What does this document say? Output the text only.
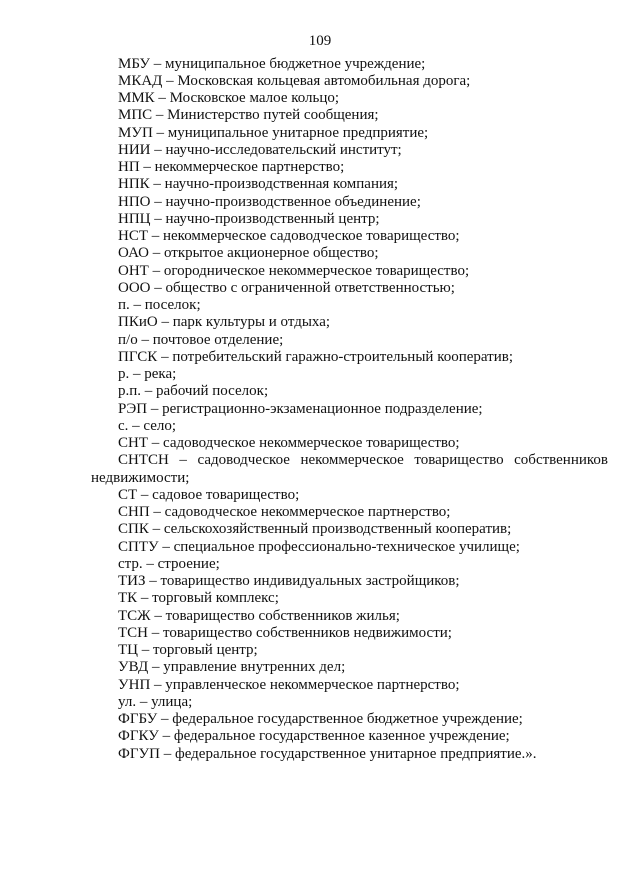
109
МБУ – муниципальное бюджетное учреждение;
МКАД – Московская кольцевая автомобильная дорога;
ММК – Московское малое кольцо;
МПС – Министерство путей сообщения;
МУП – муниципальное унитарное предприятие;
НИИ – научно-исследовательский институт;
НП – некоммерческое партнерство;
НПК – научно-производственная компания;
НПО – научно-производственное объединение;
НПЦ – научно-производственный центр;
НСТ – некоммерческое садоводческое товарищество;
ОАО – открытое акционерное общество;
ОНТ – огородническое некоммерческое товарищество;
ООО – общество с ограниченной ответственностью;
п. – поселок;
ПКиО – парк культуры и отдыха;
п/о – почтовое отделение;
ПГСК – потребительский гаражно-строительный кооператив;
р. – река;
р.п. – рабочий поселок;
РЭП – регистрационно-экзаменационное подразделение;
с. – село;
СНТ – садоводческое некоммерческое товарищество;
СНТСН – садоводческое некоммерческое товарищество собственников недвижимости;
СТ – садовое товарищество;
СНП – садоводческое некоммерческое партнерство;
СПК – сельскохозяйственный производственный кооператив;
СПТУ – специальное профессионально-техническое училище;
стр. – строение;
ТИЗ – товарищество индивидуальных застройщиков;
ТК – торговый комплекс;
ТСЖ – товарищество собственников жилья;
ТСН – товарищество собственников недвижимости;
ТЦ – торговый центр;
УВД – управление внутренних дел;
УНП – управленческое некоммерческое партнерство;
ул. – улица;
ФГБУ – федеральное государственное бюджетное учреждение;
ФГКУ – федеральное государственное казенное учреждение;
ФГУП – федеральное государственное унитарное предприятие.».
